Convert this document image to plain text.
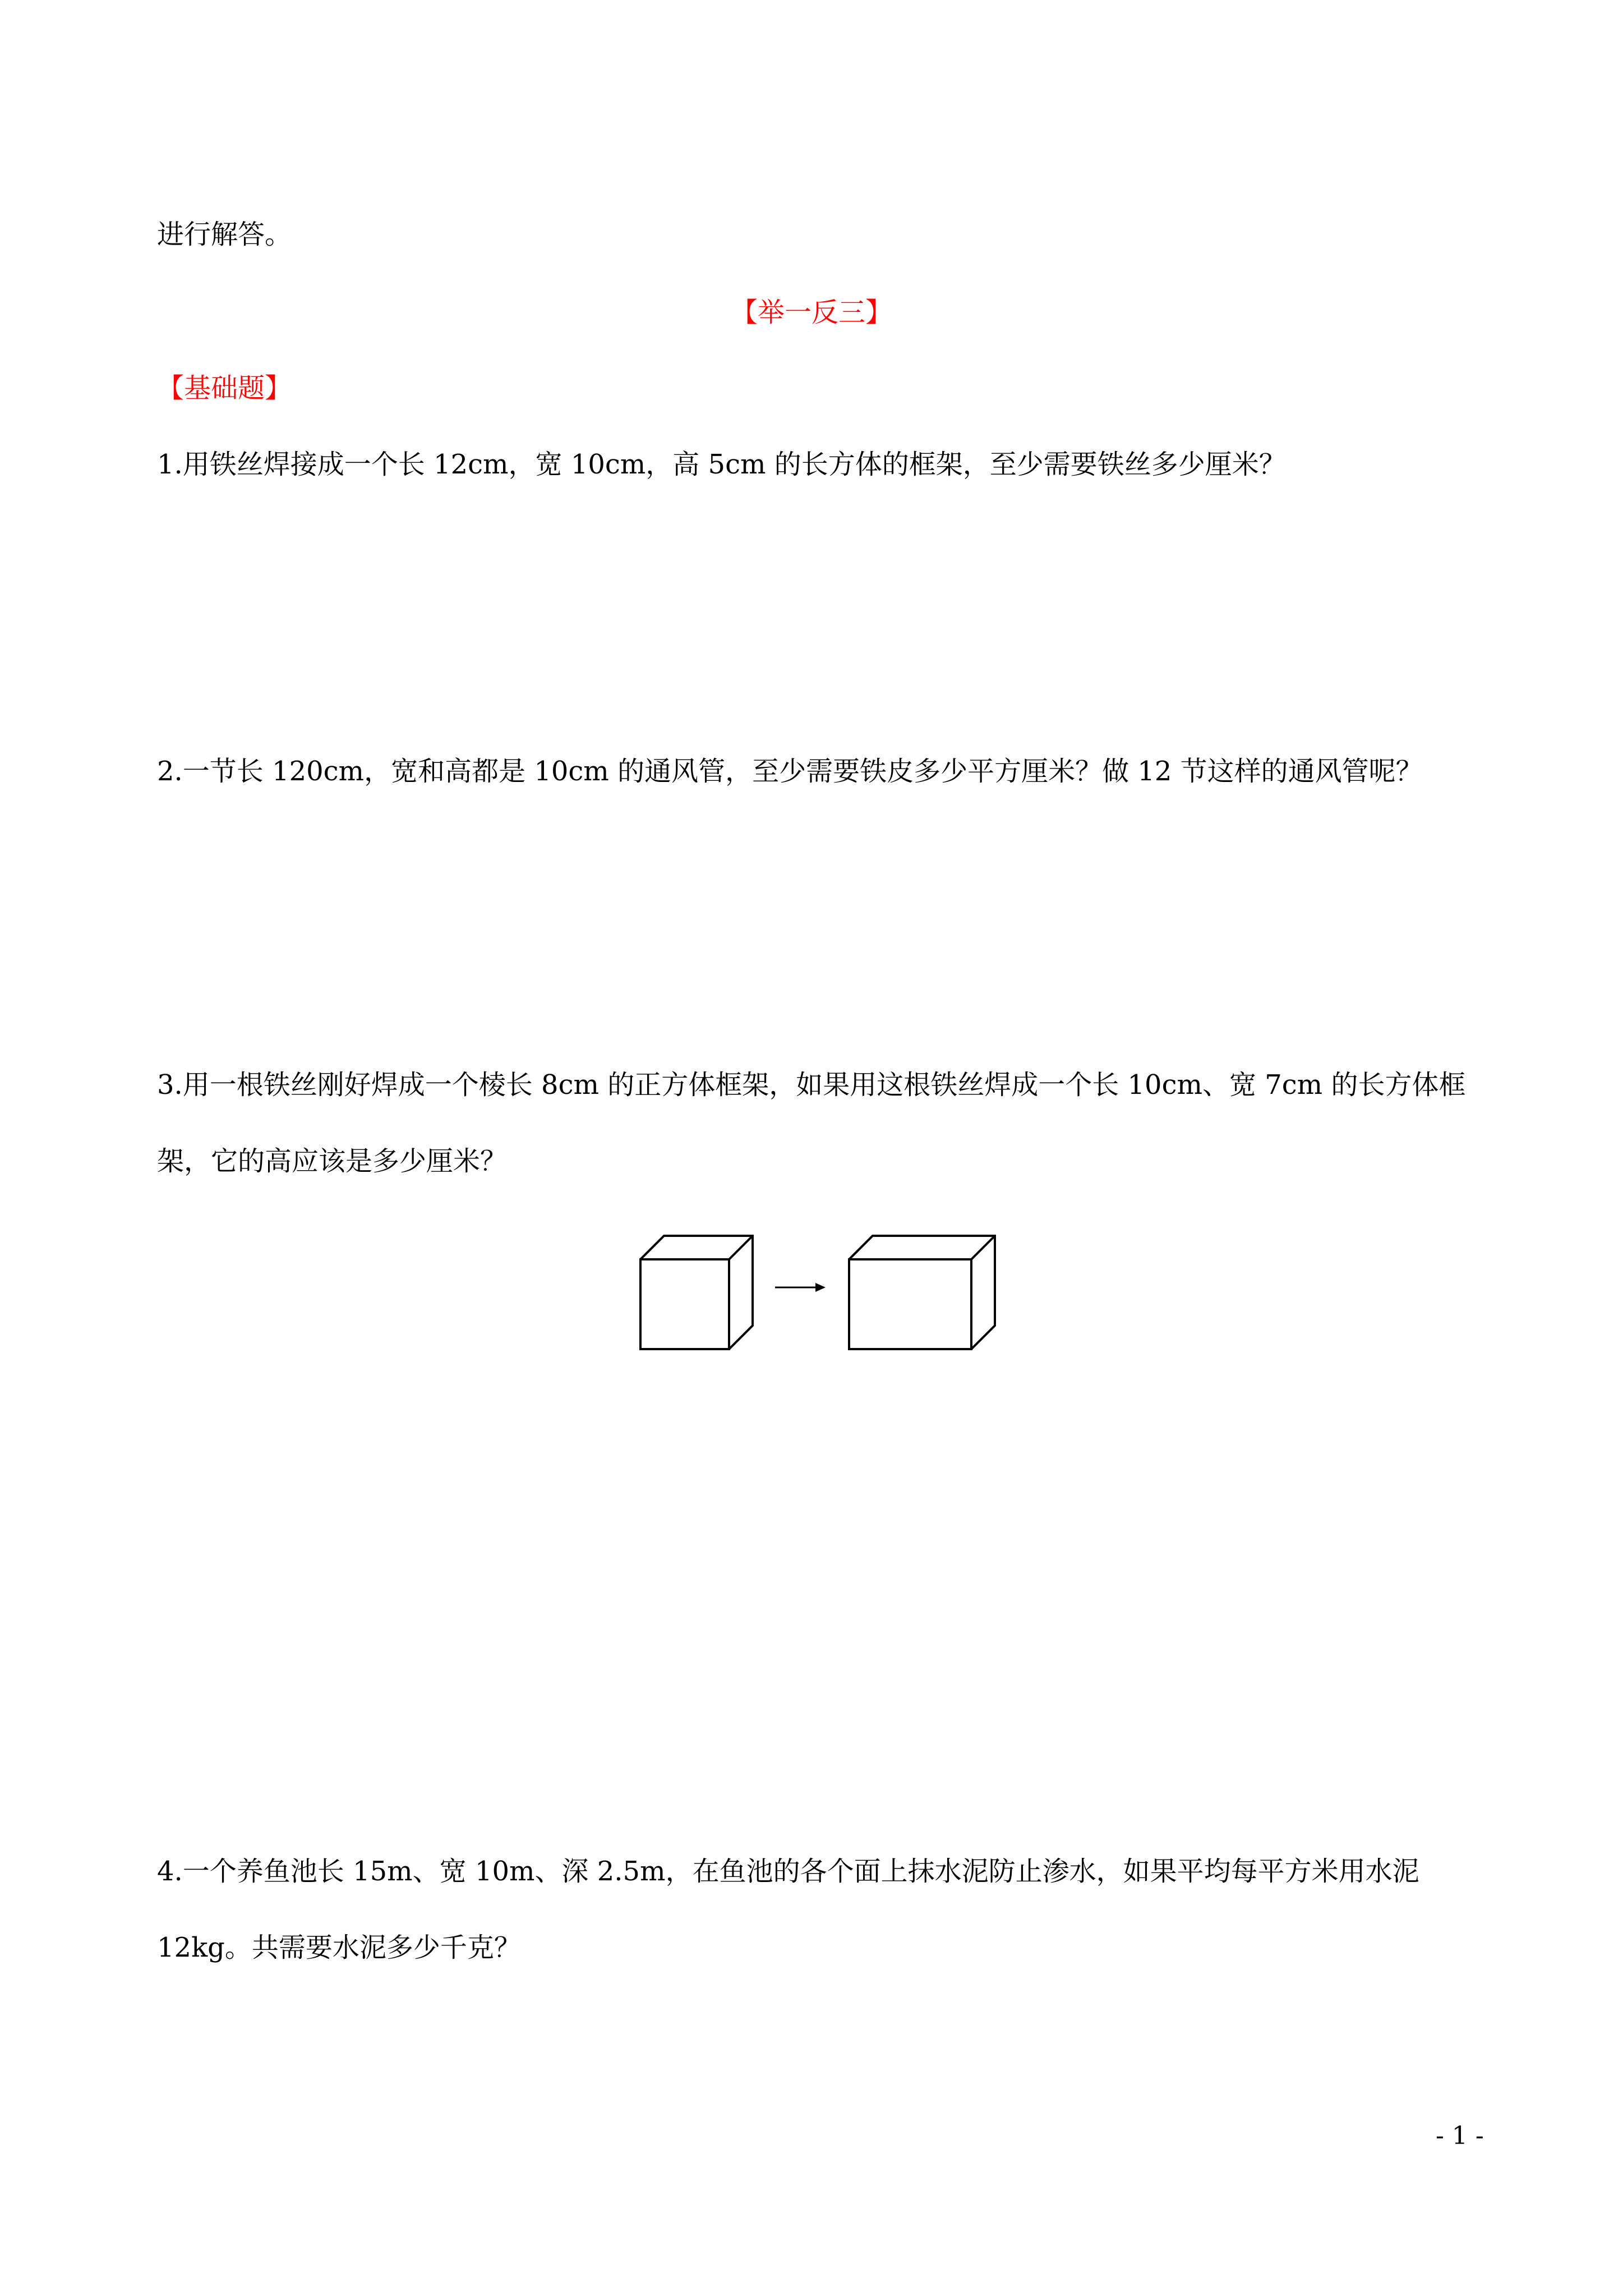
进行解答。
【举一反三】
【基础题】
1.用铁丝焊接成一个长 12cm，宽 10cm，高 5cm 的长方体的框架，至少需要铁丝多少厘米？
2.一节长 120cm，宽和高都是 10cm 的通风管，至少需要铁皮多少平方厘米？做 12 节这样的通风管呢？
3.用一根铁丝刚好焊成一个棱长 8cm 的正方体框架，如果用这根铁丝焊成一个长 10cm、宽 7cm 的长方体框
架，它的高应该是多少厘米？
4.一个养鱼池长 15m、宽 10m、深 2.5m，在鱼池的各个面上抹水泥防止渗水，如果平均每平方米用水泥
12kg。共需要水泥多少千克？
- 1 -
